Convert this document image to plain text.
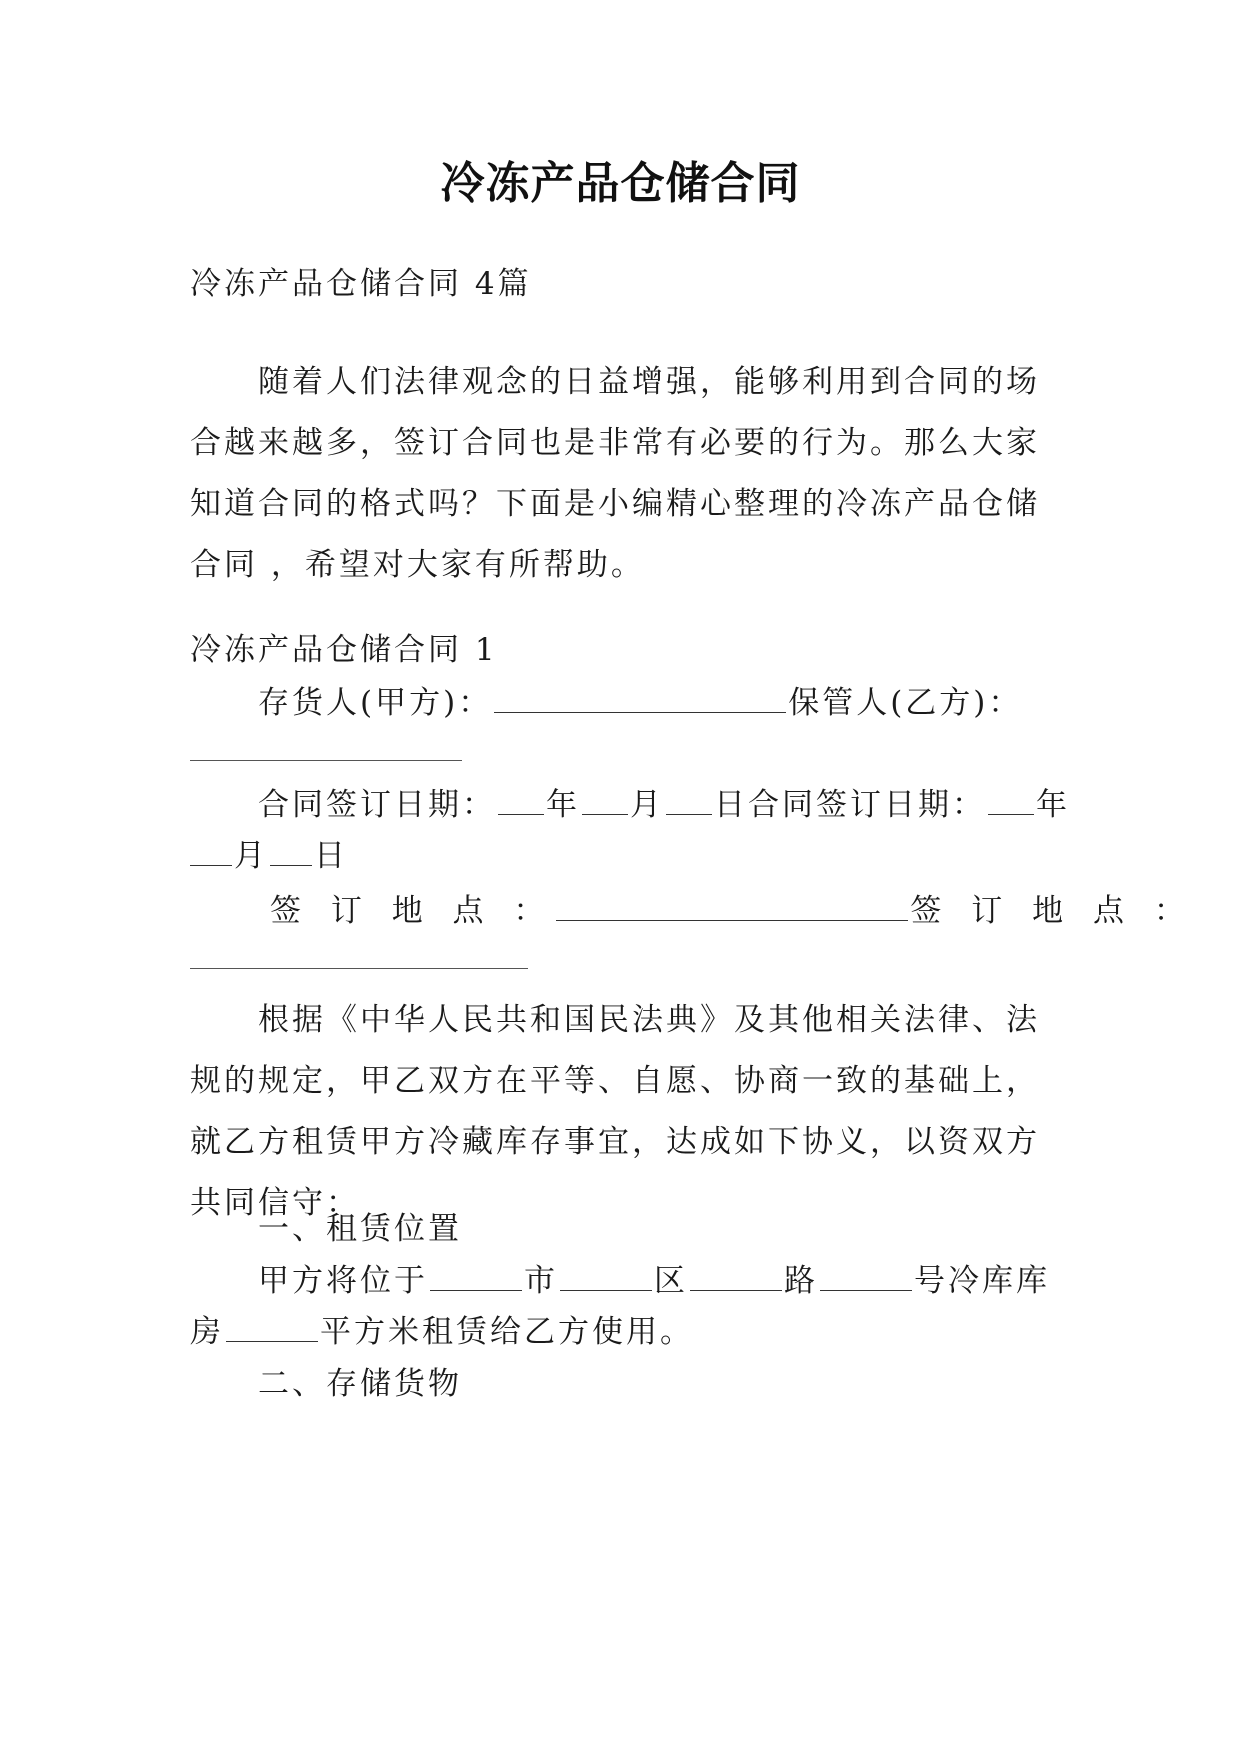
冷冻产品仓储合同
冷冻产品仓储合同 4篇
随着人们法律观念的日益增强，能够利用到合同的场合越来越多，签订合同也是非常有必要的行为。那么大家知道合同的格式吗？下面是小编精心整理的冷冻产品仓储合同 ，希望对大家有所帮助。
冷冻产品仓储合同 1
存货人(甲方)：	保管人(乙方)：
合同签订日期： 年 月 日合同签订日期： 年
月 日
签 订 地 点 ：	签 订 地 点 ：
根据《中华人民共和国民法典》及其他相关法律、法规的规定，甲乙双方在平等、自愿、协商一致的基础上，就乙方租赁甲方冷藏库存事宜，达成如下协义，以资双方共同信守：
一、租赁位置
甲方将位于	市	区	路	号冷库库
房	平方米租赁给乙方使用。
二、存储货物
